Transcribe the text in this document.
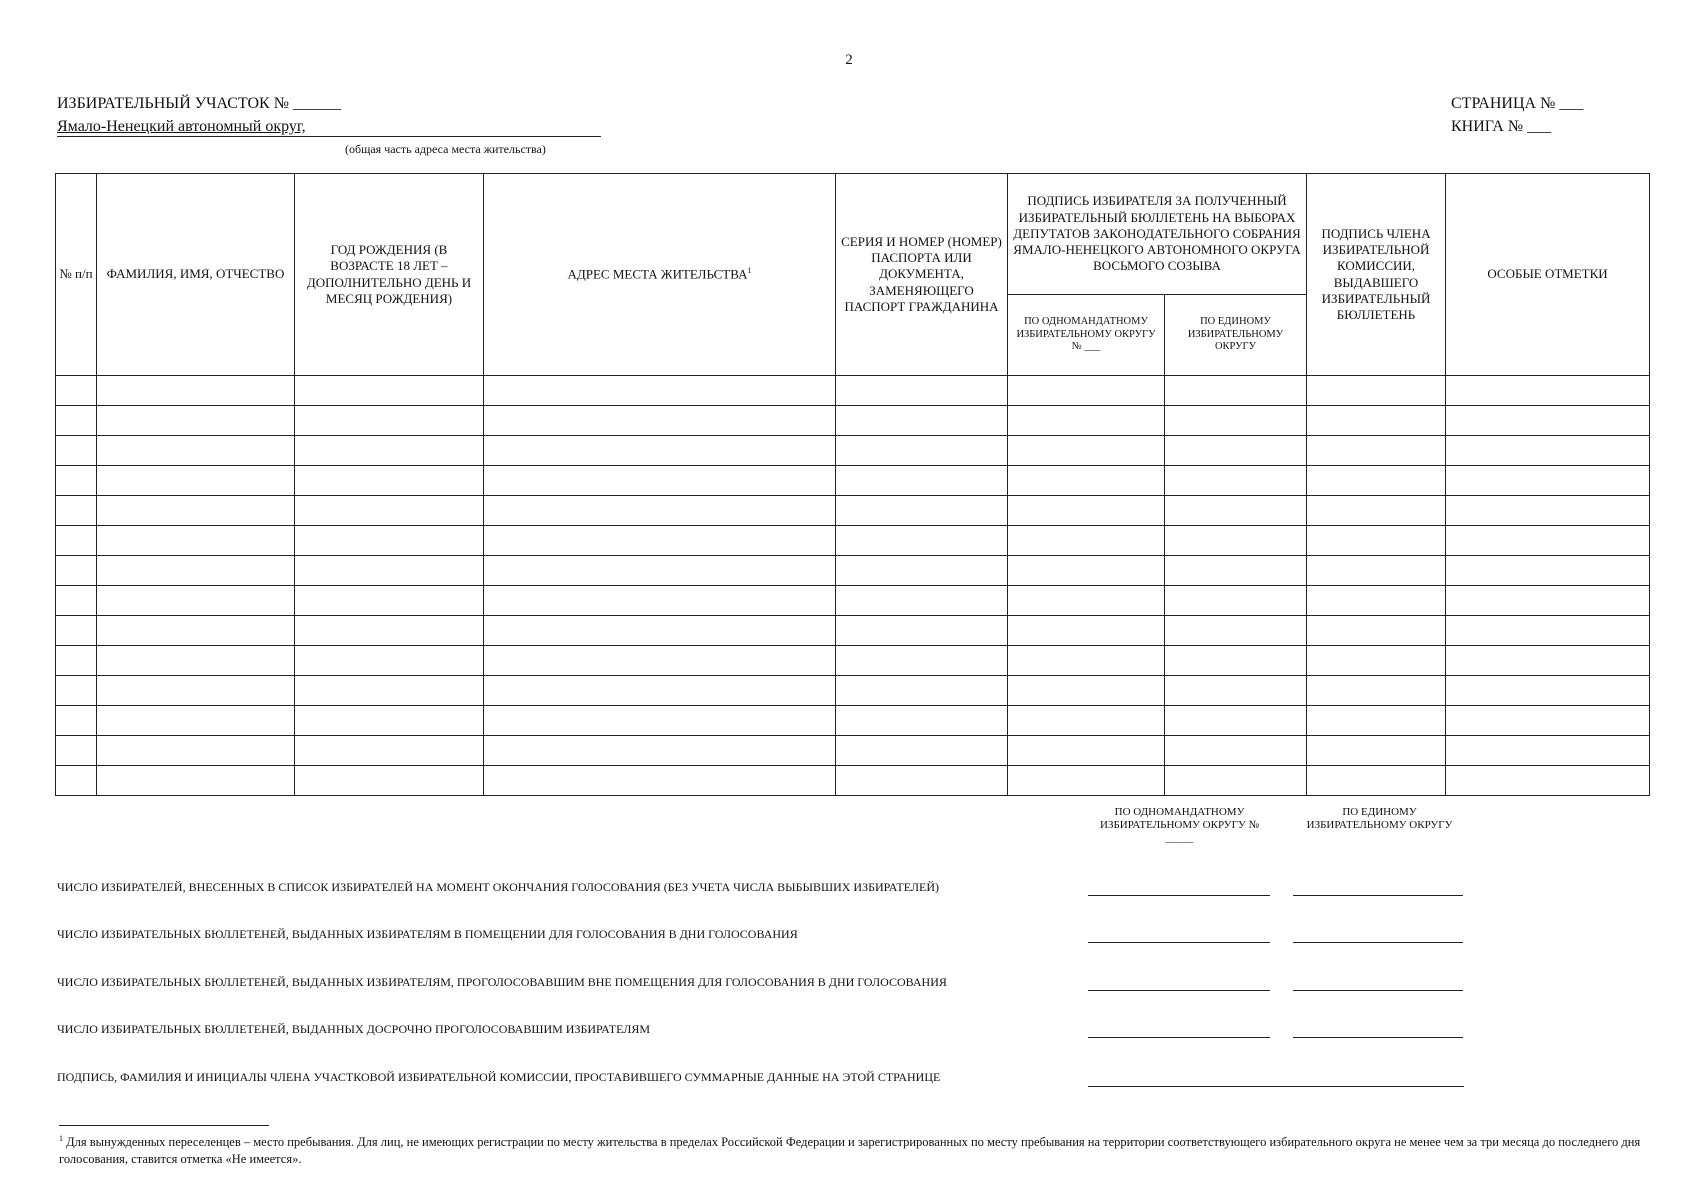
2
ИЗБИРАТЕЛЬНЫЙ УЧАСТОК № ______
Ямало-Ненецкий автономный округ,
(общая часть адреса места жительства)
СТРАНИЦА № ___
КНИГА № ___
№ п/п	ФАМИЛИЯ, ИМЯ, ОТЧЕСТВО	ГОД РОЖДЕНИЯ (В ВОЗРАСТЕ 18 ЛЕТ – ДОПОЛНИТЕЛЬНО ДЕНЬ И МЕСЯЦ РОЖДЕНИЯ)	АДРЕС МЕСТА ЖИТЕЛЬСТВА$^1$	СЕРИЯ И НОМЕР (НОМЕР) ПАСПОРТА ИЛИ ДОКУМЕНТА, ЗАМЕНЯЮЩЕГО ПАСПОРТ ГРАЖДАНИНА	ПОДПИСЬ ИЗБИРАТЕЛЯ ЗА ПОЛУЧЕННЫЙ ИЗБИРАТЕЛЬНЫЙ БЮЛЛЕТЕНЬ НА ВЫБОРАХ ДЕПУТАТОВ ЗАКОНОДАТЕЛЬНОГО СОБРАНИЯ ЯМАЛО-НЕНЕЦКОГО АВТОНОМНОГО ОКРУГА ВОСЬМОГО СОЗЫВА		ПОДПИСЬ ЧЛЕНА ИЗБИРАТЕЛЬНОЙ КОМИССИИ, ВЫДАВШЕГО ИЗБИРАТЕЛЬНЫЙ БЮЛЛЕТЕНЬ	ОСОБЫЕ ОТМЕТКИ
					ПО ОДНОМАНДАТНОМУ ИЗБИРАТЕЛЬНОМУ ОКРУГУ № ___	ПО ЕДИНОМУ ИЗБИРАТЕЛЬНОМУ ОКРУГУ		

ПО ОДНОМАНДАТНОМУ ИЗБИРАТЕЛЬНОМУ ОКРУГУ № _____
ПО ЕДИНОМУ ИЗБИРАТЕЛЬНОМУ ОКРУГУ
ЧИСЛО ИЗБИРАТЕЛЕЙ, ВНЕСЕННЫХ В СПИСОК ИЗБИРАТЕЛЕЙ НА МОМЕНТ ОКОНЧАНИЯ ГОЛОСОВАНИЯ (БЕЗ УЧЕТА ЧИСЛА ВЫБЫВШИХ ИЗБИРАТЕЛЕЙ)
ЧИСЛО ИЗБИРАТЕЛЬНЫХ БЮЛЛЕТЕНЕЙ, ВЫДАННЫХ ИЗБИРАТЕЛЯМ В ПОМЕЩЕНИИ ДЛЯ ГОЛОСОВАНИЯ В ДНИ ГОЛОСОВАНИЯ
ЧИСЛО ИЗБИРАТЕЛЬНЫХ БЮЛЛЕТЕНЕЙ, ВЫДАННЫХ ИЗБИРАТЕЛЯМ, ПРОГОЛОСОВАВШИМ ВНЕ ПОМЕЩЕНИЯ ДЛЯ ГОЛОСОВАНИЯ В ДНИ ГОЛОСОВАНИЯ
ЧИСЛО ИЗБИРАТЕЛЬНЫХ БЮЛЛЕТЕНЕЙ, ВЫДАННЫХ ДОСРОЧНО ПРОГОЛОСОВАВШИМ ИЗБИРАТЕЛЯМ
ПОДПИСЬ, ФАМИЛИЯ И ИНИЦИАЛЫ ЧЛЕНА УЧАСТКОВОЙ ИЗБИРАТЕЛЬНОЙ КОМИССИИ, ПРОСТАВИВШЕГО СУММАРНЫЕ ДАННЫЕ НА ЭТОЙ СТРАНИЦЕ
$^1$ Для вынужденных переселенцев – место пребывания. Для лиц, не имеющих регистрации по месту жительства в пределах Российской Федерации и зарегистрированных по месту пребывания на территории соответствующего избирательного округа не менее чем за три месяца до последнего дня голосования, ставится отметка «Не имеется».
